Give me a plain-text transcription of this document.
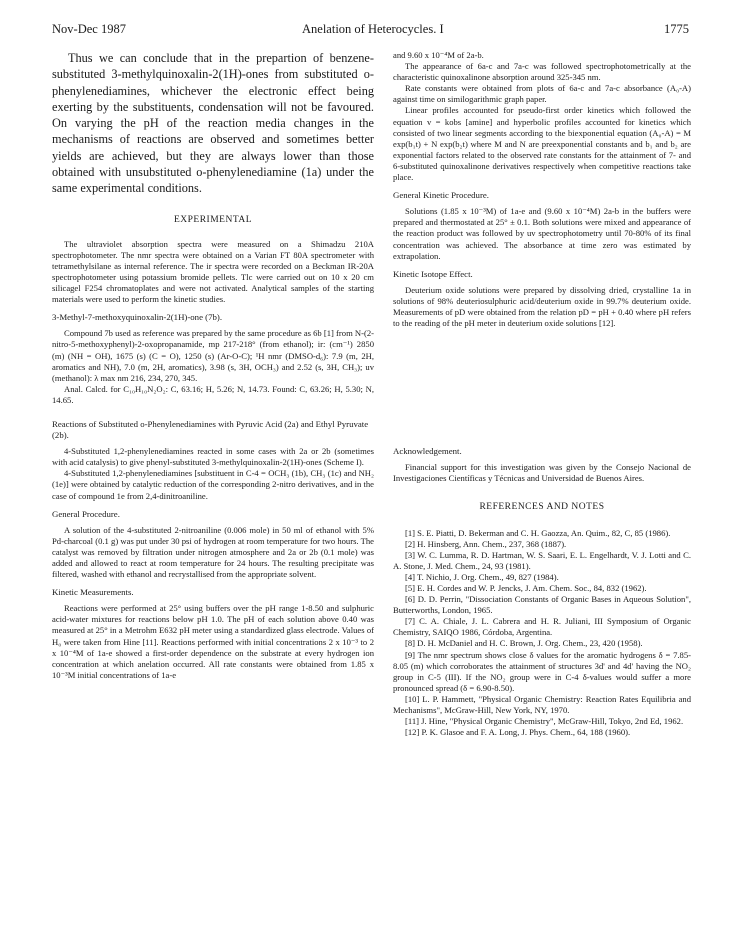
Nov-Dec 1987	Anelation of Heterocycles. I	1775

Thus we can conclude that in the prepartion of benzene-substituted 3-methylquinoxalin-2(1H)-ones from substituted o-phenylenediamines, whichever the electronic effect being exerting by the substituents, condensation will not be favoured. On varying the pH of the reaction media changes in the mechanisms of reactions are observed and sometimes better yields are achieved, but they are always lower than those obtained with unsubstituted o-phenylenediamine (1a) under the same experimental conditions.

EXPERIMENTAL

The ultraviolet absorption spectra were measured on a Shimadzu 210A spectrophotometer. The nmr spectra were obtained on a Varian FT 80A spectrometer with tetramethylsilane as internal reference. The ir spectra were recorded on a Beckman IR-20A spectrophotometer using potassium bromide pellets. Tlc were carried out on 10 x 20 cm silicagel F254 chromatoplates and were not activated. Analytical samples of the starting materials were used to perform the kinetic studies.

3-Methyl-7-methoxyquinoxalin-2(1H)-one (7b).

Compound 7b used as reference was prepared by the same procedure as 6b [1] from N-(2-nitro-5-methoxyphenyl)-2-oxopropanamide, mp 217-218° (from ethanol); ir: (cm⁻¹) 2850 (m) (NH = OH), 1675 (s) (C = O), 1250 (s) (Ar-O-C); ¹H nmr (DMSO-d₆): 7.9 (m, 2H, aromatics and NH), 7.0 (m, 2H, aromatics), 3.98 (s, 3H, OCH₃) and 2.52 (s, 3H, CH₃); uv (methanol): λ max nm 216, 234, 270, 345.

Anal. Calcd. for C₁₀H₁₀N₂O₂: C, 63.16; H, 5.26; N, 14.73. Found: C, 63.26; H, 5.30; N, 14.65.

Reactions of Substituted o-Phenylenediamines with Pyruvic Acid (2a) and Ethyl Pyruvate (2b).

4-Substituted 1,2-phenylenediamines reacted in some cases with 2a or 2b (sometimes with acid catalysis) to give phenyl-substituted 3-methylquinoxalin-2(1H)-ones (Scheme I).

4-Substituted 1,2-phenylenediamines [substituent in C-4 = OCH₃ (1b), CH₃ (1c) and NH₂ (1e)] were obtained by catalytic reduction of the corresponding 2-nitro derivatives, and in the case of compound 1e from 2,4-dinitroaniline.

General Procedure.

A solution of the 4-substituted 2-nitroaniline (0.006 mole) in 50 ml of ethanol with 5% Pd-charcoal (0.1 g) was put under 30 psi of hydrogen at room temperature for two hours. The catalyst was removed by filtration under nitrogen atmosphere and 2a or 2b (0.1 mole) was added and allowed to react at room temperature for 24 hours. The resulting precipitate was filtered, washed with ethanol and recrystallised from the appropriate solvent.

Kinetic Measurements.

Reactions were performed at 25° using buffers over the pH range 1-8.50 and sulphuric acid-water mixtures for reactions below pH 1.0. The pH of each solution above 0.40 was measured at 25° in a Metrohm E632 pH meter using a standardized glass electrode. Values of H₀ were taken from Hine [11]. Reactions performed with initial concentrations 2 x 10⁻³ to 2 x 10⁻⁴M of 1a-e showed a first-order dependence on the substrate at every hydrogen ion concentration at which anelation occurred. All rate constants were obtained from 1.85 x 10⁻³M initial concentrations of 1a-e

and 9.60 x 10⁻⁴M of 2a-b.

The appearance of 6a-c and 7a-c was followed spectrophotometrically at the characteristic quinoxalinone absorption around 325-345 nm.

Rate constants were obtained from plots of 6a-c and 7a-c absorbance (A₀-A) against time on similogarithmic graph paper.

Linear profiles accounted for pseudo-first order kinetics which followed the equation v = kobs [amine] and hyperbolic profiles accounted for kinetics which consisted of two linear segments according to the biexponential equation (A₀-A) = M exp(b₁t) + N exp(b₂t) where M and N are preexponential constants and b₁ and b₂ are exponential factors related to the observed rate constants for the attainment of 7- and 6-substituted quinoxalinone derivatives respectively when competitive reactions take place.

General Kinetic Procedure.

Solutions (1.85 x 10⁻³M) of 1a-e and (9.60 x 10⁻⁴M) 2a-b in the buffers were prepared and thermostated at 25° ± 0.1. Both solutions were mixed and appearance of the reaction product was followed by uv spectrophotometry until 70-80% of its final concentration was achieved. The absorbance at time zero was estimated by extrapolation.

Kinetic Isotope Effect.

Deuterium oxide solutions were prepared by dissolving dried, crystalline 1a in solutions of 98% deuteriosulphuric acid/deuterium oxide in 99.7% deuterium oxide. Measurements of pD were obtained from the relation pD = pH + 0.40 where pH refers to the reading of the pH meter in deuterium oxide solutions [12].

Acknowledgement.

Financial support for this investigation was given by the Consejo Nacional de Investigaciones Científicas y Técnicas and Universidad de Buenos Aires.

REFERENCES AND NOTES

[1] S. E. Piatti, D. Bekerman and C. H. Gaozza, An. Quim., 82, C, 85 (1986).

[2] H. Hinsberg, Ann. Chem., 237, 368 (1887).

[3] W. C. Lumma, R. D. Hartman, W. S. Saari, E. L. Engelhardt, V. J. Lotti and C. A. Stone, J. Med. Chem., 24, 93 (1981).

[4] T. Nichio, J. Org. Chem., 49, 827 (1984).

[5] E. H. Cordes and W. P. Jencks, J. Am. Chem. Soc., 84, 832 (1962).

[6] D. D. Perrin, "Dissociation Constants of Organic Bases in Aqueous Solution", Butterworths, London, 1965.

[7] C. A. Chiale, J. L. Cabrera and H. R. Juliani, III Symposium of Organic Chemistry, SAIQO 1986, Córdoba, Argentina.

[8] D. H. McDaniel and H. C. Brown, J. Org. Chem., 23, 420 (1958).

[9] The nmr spectrum shows close δ values for the aromatic hydrogens δ = 7.85-8.05 (m) which corroborates the attainment of structures 3d' and 4d' having the NO₂ group in C-5 (III). If the NO₂ group were in C-4 δ-values would suffer a more pronounced spread (δ = 6.90-8.50).

[10] L. P. Hammett, "Physical Organic Chemistry: Reaction Rates Equilibria and Mechanisms", McGraw-Hill, New York, NY, 1970.

[11] J. Hine, "Physical Organic Chemistry", McGraw-Hill, Tokyo, 2nd Ed, 1962.

[12] P. K. Glasoe and F. A. Long, J. Phys. Chem., 64, 188 (1960).
